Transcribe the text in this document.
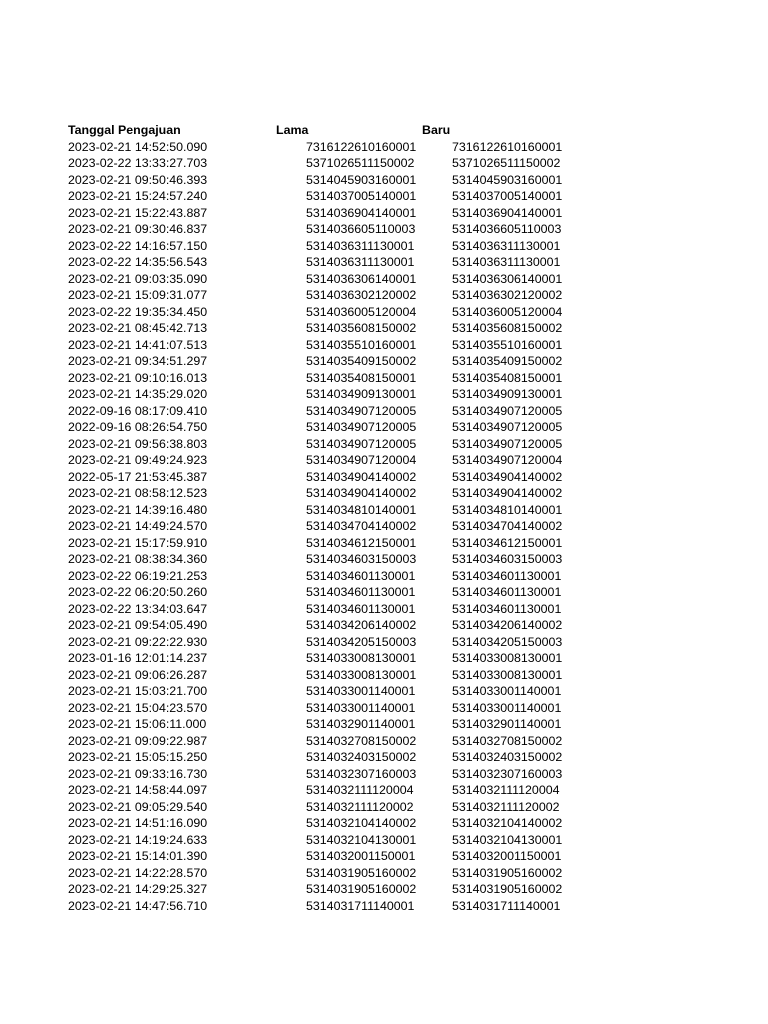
Tanggal Pengajuan	Lama	Baru
2023-02-21 14:52:50.090	7316122610160001	7316122610160001
2023-02-22 13:33:27.703	5371026511150002	5371026511150002
2023-02-21 09:50:46.393	5314045903160001	5314045903160001
2023-02-21 15:24:57.240	5314037005140001	5314037005140001
2023-02-21 15:22:43.887	5314036904140001	5314036904140001
2023-02-21 09:30:46.837	5314036605110003	5314036605110003
2023-02-22 14:16:57.150	5314036311130001	5314036311130001
2023-02-22 14:35:56.543	5314036311130001	5314036311130001
2023-02-21 09:03:35.090	5314036306140001	5314036306140001
2023-02-21 15:09:31.077	5314036302120002	5314036302120002
2023-02-22 19:35:34.450	5314036005120004	5314036005120004
2023-02-21 08:45:42.713	5314035608150002	5314035608150002
2023-02-21 14:41:07.513	5314035510160001	5314035510160001
2023-02-21 09:34:51.297	5314035409150002	5314035409150002
2023-02-21 09:10:16.013	5314035408150001	5314035408150001
2023-02-21 14:35:29.020	5314034909130001	5314034909130001
2022-09-16 08:17:09.410	5314034907120005	5314034907120005
2022-09-16 08:26:54.750	5314034907120005	5314034907120005
2023-02-21 09:56:38.803	5314034907120005	5314034907120005
2023-02-21 09:49:24.923	5314034907120004	5314034907120004
2022-05-17 21:53:45.387	5314034904140002	5314034904140002
2023-02-21 08:58:12.523	5314034904140002	5314034904140002
2023-02-21 14:39:16.480	5314034810140001	5314034810140001
2023-02-21 14:49:24.570	5314034704140002	5314034704140002
2023-02-21 15:17:59.910	5314034612150001	5314034612150001
2023-02-21 08:38:34.360	5314034603150003	5314034603150003
2023-02-22 06:19:21.253	5314034601130001	5314034601130001
2023-02-22 06:20:50.260	5314034601130001	5314034601130001
2023-02-22 13:34:03.647	5314034601130001	5314034601130001
2023-02-21 09:54:05.490	5314034206140002	5314034206140002
2023-02-21 09:22:22.930	5314034205150003	5314034205150003
2023-01-16 12:01:14.237	5314033008130001	5314033008130001
2023-02-21 09:06:26.287	5314033008130001	5314033008130001
2023-02-21 15:03:21.700	5314033001140001	5314033001140001
2023-02-21 15:04:23.570	5314033001140001	5314033001140001
2023-02-21 15:06:11.000	5314032901140001	5314032901140001
2023-02-21 09:09:22.987	5314032708150002	5314032708150002
2023-02-21 15:05:15.250	5314032403150002	5314032403150002
2023-02-21 09:33:16.730	5314032307160003	5314032307160003
2023-02-21 14:58:44.097	5314032111120004	5314032111120004
2023-02-21 09:05:29.540	5314032111120002	5314032111120002
2023-02-21 14:51:16.090	5314032104140002	5314032104140002
2023-02-21 14:19:24.633	5314032104130001	5314032104130001
2023-02-21 15:14:01.390	5314032001150001	5314032001150001
2023-02-21 14:22:28.570	5314031905160002	5314031905160002
2023-02-21 14:29:25.327	5314031905160002	5314031905160002
2023-02-21 14:47:56.710	5314031711140001	5314031711140001
